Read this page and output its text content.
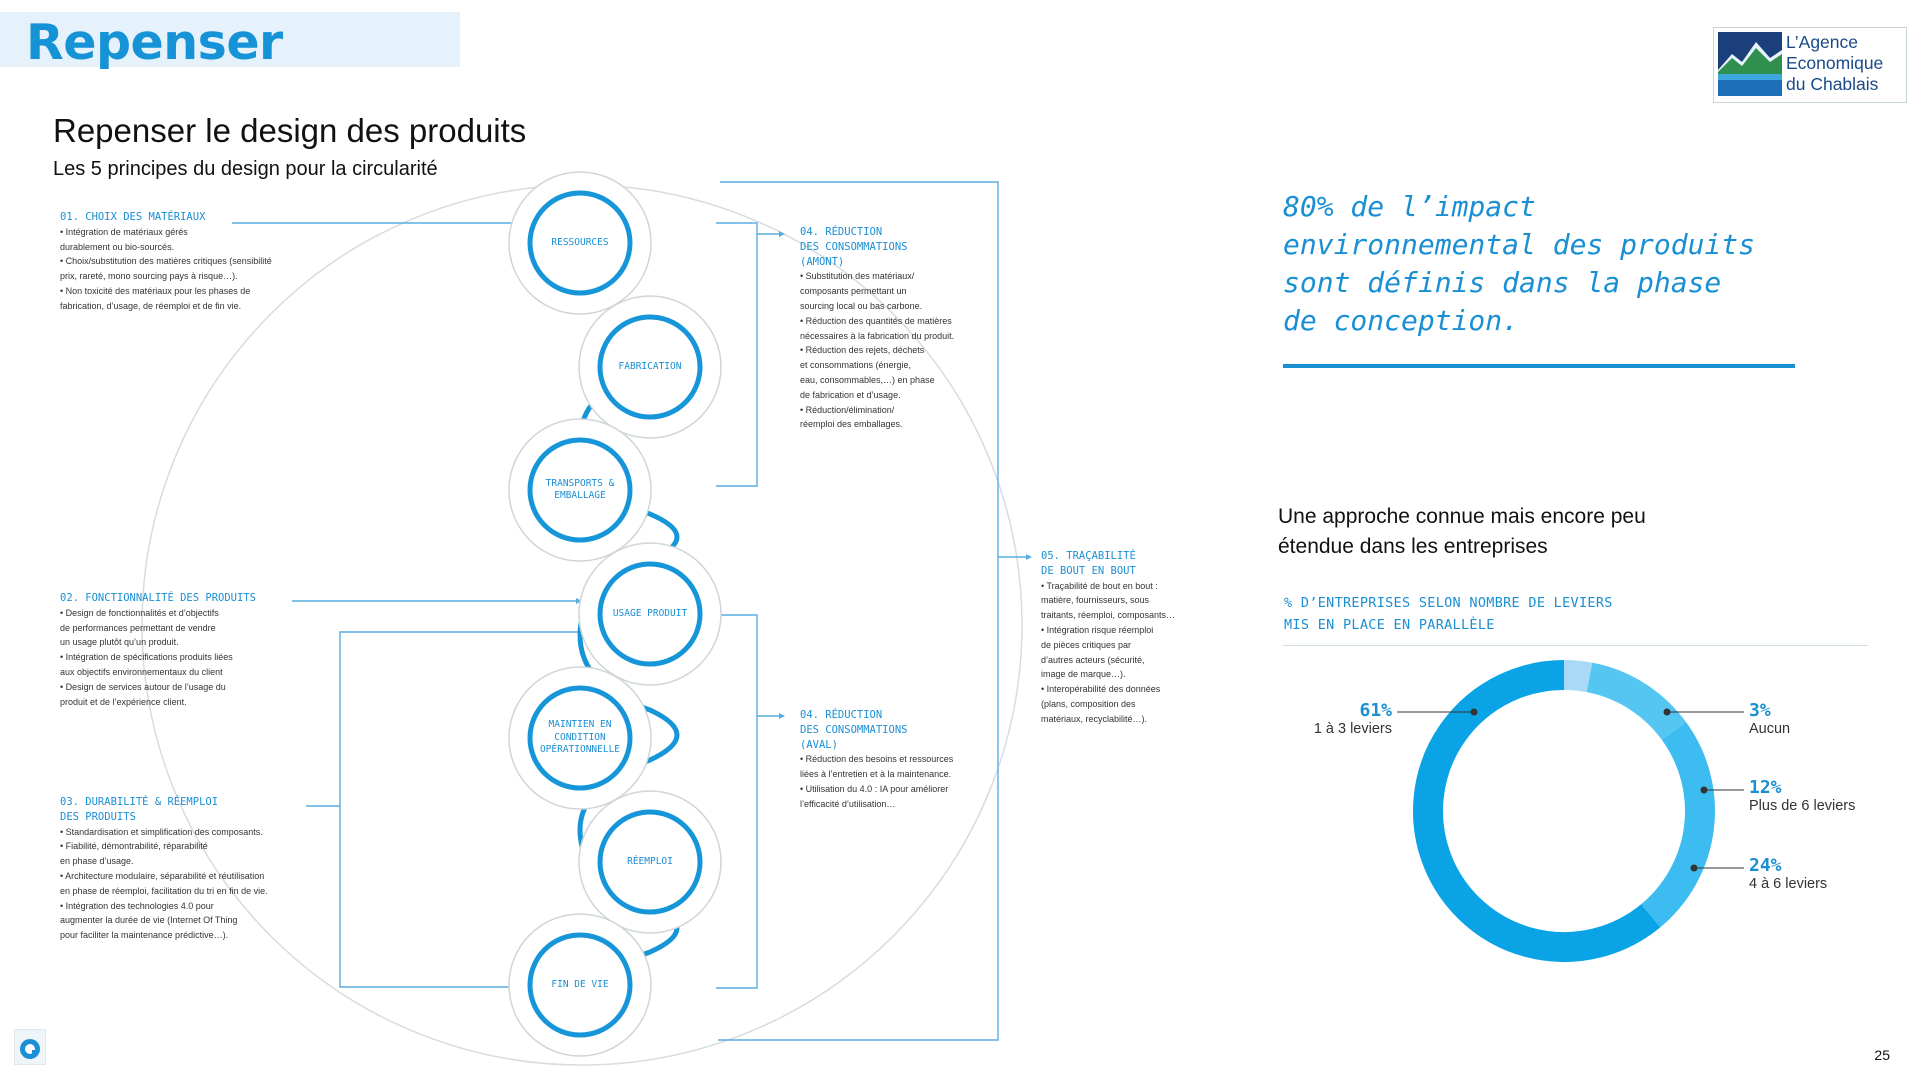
Repenser	L’Agence
Economique
du Chablais
Repenser le design des produits
Les 5 principes du design pour la circularité
RESSOURCES
FABRICATION
TRANSPORTS &
EMBALLAGE
USAGE PRODUIT
MAINTIEN EN
CONDITION
OPÉRATIONNELLE
RÉEMPLOI
FIN DE VIE
01. CHOIX DES MATÉRIAUX
• Intégration de matériaux gérés
durablement ou bio-sourcés.
• Choix/substitution des matières critiques (sensibilité
prix, rareté, mono sourcing pays à risque…).
• Non toxicité des matériaux pour les phases de
fabrication, d’usage, de réemploi et de fin vie.
02. FONCTIONNALITÉ DES PRODUITS
• Design de fonctionnalités et d’objectifs
de performances permettant de vendre
un usage plutôt qu’un produit.
• Intégration de spécifications produits liées
aux objectifs environnementaux du client
• Design de services autour de l’usage du
produit et de l’expérience client.
03. DURABILITÉ & RÉEMPLOI
DES PRODUITS
• Standardisation et simplification des composants.
• Fiabilité, démontrabilité, réparabilité
en phase d’usage.
• Architecture modulaire, séparabilité et réutilisation
en phase de réemploi, facilitation du tri en fin de vie.
• Intégration des technologies 4.0 pour
augmenter la durée de vie (Internet Of Thing
pour faciliter la maintenance prédictive…).
04. RÉDUCTION
DES CONSOMMATIONS
(AMONT)
• Substitution des matériaux/
composants permettant un
sourcing local ou bas carbone.
• Réduction des quantités de matières
nécessaires à la fabrication du produit.
• Réduction des rejets, déchets
et consommations (énergie,
eau, consommables,…) en phase
de fabrication et d’usage.
• Réduction/élimination/
réemploi des emballages.
04. RÉDUCTION
DES CONSOMMATIONS
(AVAL)
• Réduction des besoins et ressources
liées à l’entretien et à la maintenance.
• Utilisation du 4.0 : IA pour améliorer
l’efficacité d’utilisation…
05. TRAÇABILITÉ
DE BOUT EN BOUT
• Traçabilité de bout en bout :
matière, fournisseurs, sous
traitants, réemploi, composants…
• Intégration risque réemploi
de pièces critiques par
d’autres acteurs (sécurité,
image de marque…).
• Interopérabilité des données
(plans, composition des
matériaux, recyclabilité…).
80% de l’impact
environnemental des produits
sont définis dans la phase
de conception.
Une approche connue mais encore peu
étendue dans les entreprises
% D’ENTREPRISES SELON NOMBRE DE LEVIERS
MIS EN PLACE EN PARALLÈLE
61%
1 à 3 leviers
3%
Aucun
12%
Plus de 6 leviers
24%
4 à 6 leviers
25
